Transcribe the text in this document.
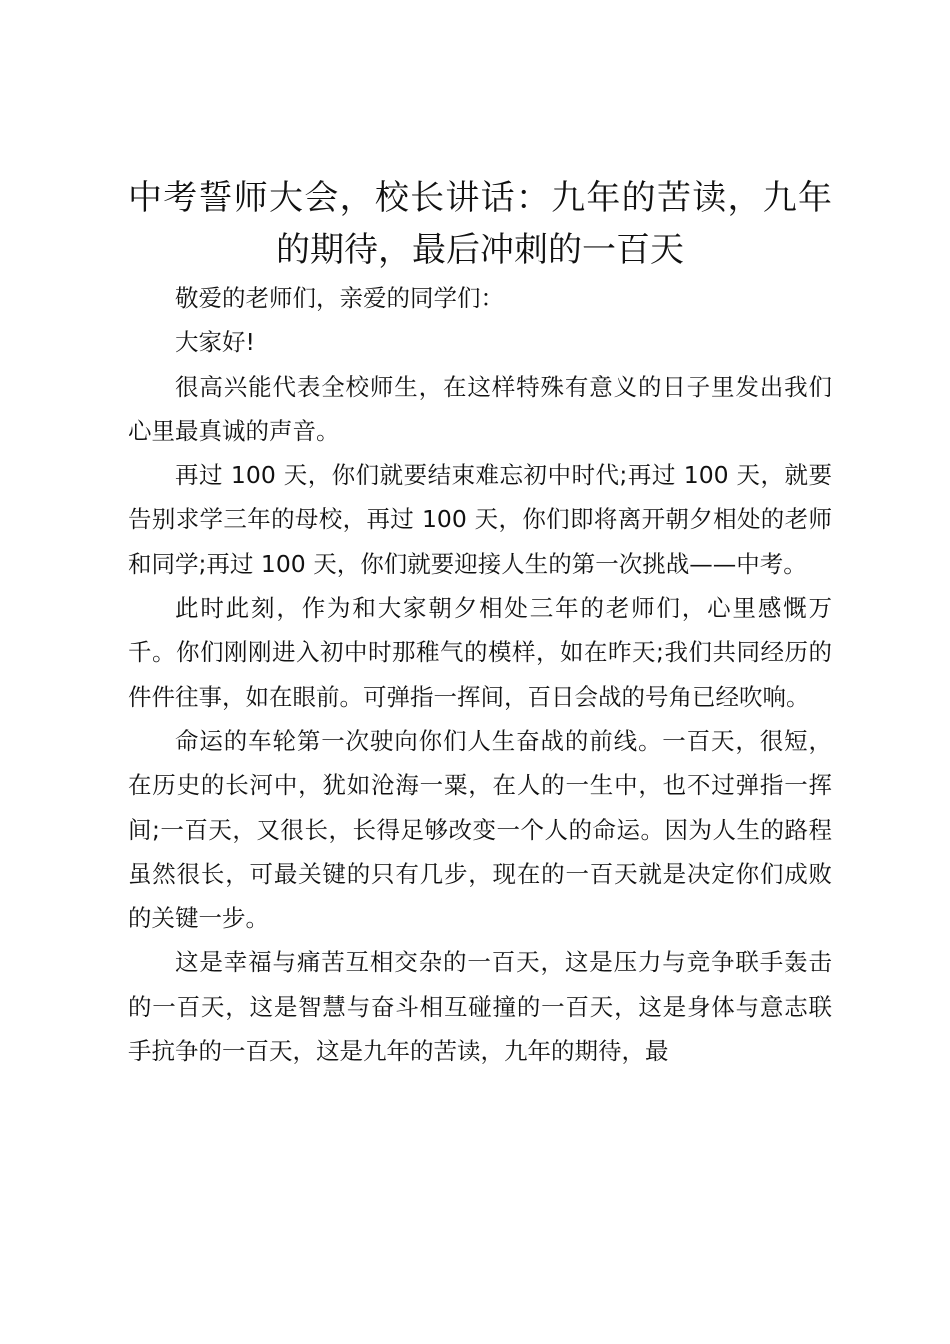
中考誓师大会，校长讲话：九年的苦读，九年的期待，最后冲刺的一百天

敬爱的老师们，亲爱的同学们：

大家好!

很高兴能代表全校师生，在这样特殊有意义的日子里发出我们心里最真诚的声音。

再过 100 天，你们就要结束难忘初中时代;再过 100 天，就要告别求学三年的母校，再过 100 天，你们即将离开朝夕相处的老师和同学;再过 100 天，你们就要迎接人生的第一次挑战——中考。

此时此刻，作为和大家朝夕相处三年的老师们，心里感慨万千。你们刚刚进入初中时那稚气的模样，如在昨天;我们共同经历的件件往事，如在眼前。可弹指一挥间，百日会战的号角已经吹响。

命运的车轮第一次驶向你们人生奋战的前线。一百天，很短，在历史的长河中，犹如沧海一粟，在人的一生中，也不过弹指一挥间;一百天，又很长，长得足够改变一个人的命运。因为人生的路程虽然很长，可最关键的只有几步，现在的一百天就是决定你们成败的关键一步。

这是幸福与痛苦互相交杂的一百天，这是压力与竞争联手轰击的一百天，这是智慧与奋斗相互碰撞的一百天，这是身体与意志联手抗争的一百天，这是九年的苦读，九年的期待，最
